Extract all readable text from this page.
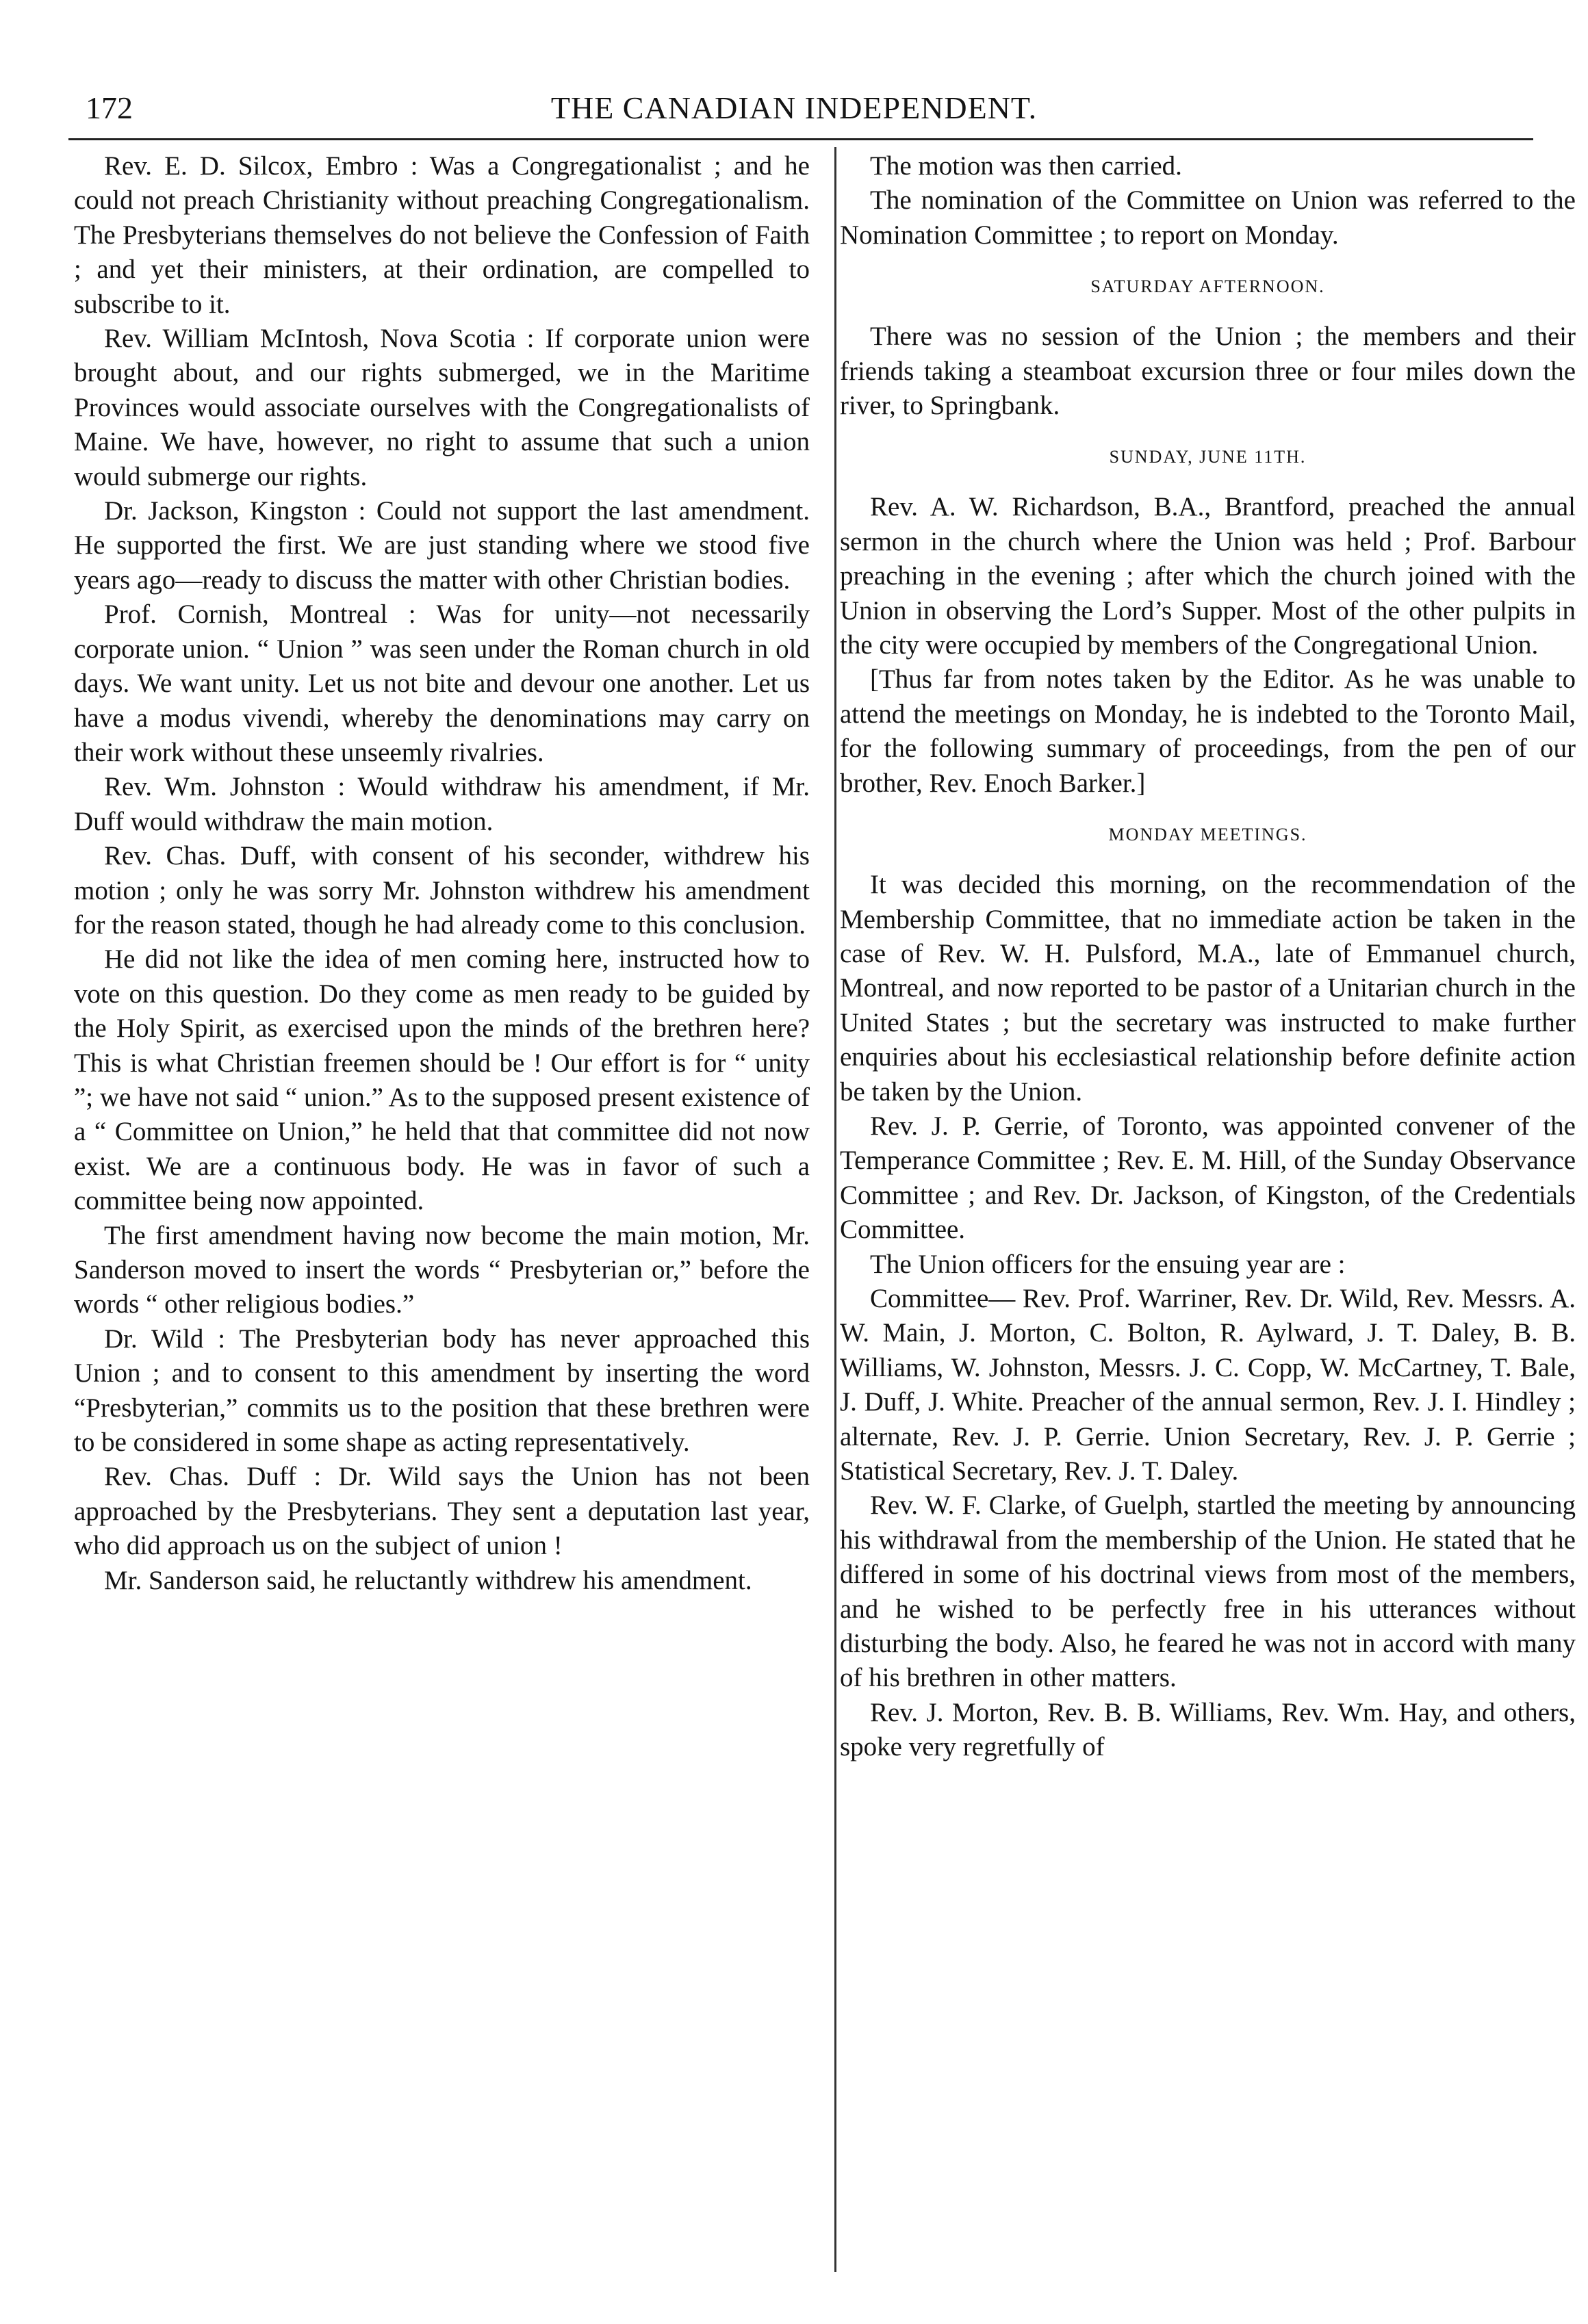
172	THE CANADIAN INDEPENDENT.

Rev. E. D. Silcox, Embro : Was a Congregationalist ; and he could not preach Christianity without preaching Congregationalism. The Presbyterians themselves do not believe the Confession of Faith ; and yet their ministers, at their ordination, are compelled to subscribe to it.

Rev. William McIntosh, Nova Scotia : If corporate union were brought about, and our rights submerged, we in the Maritime Provinces would associate ourselves with the Congregationalists of Maine. We have, however, no right to assume that such a union would submerge our rights.

Dr. Jackson, Kingston : Could not support the last amendment. He supported the first. We are just standing where we stood five years ago—ready to discuss the matter with other Christian bodies.

Prof. Cornish, Montreal : Was for unity—not necessarily corporate union. “ Union ” was seen under the Roman church in old days. We want unity. Let us not bite and devour one another. Let us have a modus vivendi, whereby the denominations may carry on their work without these unseemly rivalries.

Rev. Wm. Johnston : Would withdraw his amendment, if Mr. Duff would withdraw the main motion.

Rev. Chas. Duff, with consent of his seconder, withdrew his motion ; only he was sorry Mr. Johnston withdrew his amendment for the reason stated, though he had already come to this conclusion.

He did not like the idea of men coming here, instructed how to vote on this question. Do they come as men ready to be guided by the Holy Spirit, as exercised upon the minds of the brethren here? This is what Christian freemen should be ! Our effort is for “ unity ”; we have not said “ union.” As to the supposed present existence of a “ Committee on Union,” he held that that committee did not now exist. We are a continuous body. He was in favor of such a committee being now appointed.

The first amendment having now become the main motion, Mr. Sanderson moved to insert the words “ Presbyterian or,” before the words “ other religious bodies.”

Dr. Wild : The Presbyterian body has never approached this Union ; and to consent to this amendment by inserting the word “Presbyterian,” commits us to the position that these brethren were to be considered in some shape as acting representatively.

Rev. Chas. Duff : Dr. Wild says the Union has not been approached by the Presbyterians. They sent a deputation last year, who did approach us on the subject of union !

Mr. Sanderson said, he reluctantly withdrew his amendment.

The motion was then carried.

The nomination of the Committee on Union was referred to the Nomination Committee ; to report on Monday.

SATURDAY AFTERNOON.

There was no session of the Union ; the members and their friends taking a steamboat excursion three or four miles down the river, to Springbank.

SUNDAY, JUNE 11TH.

Rev. A. W. Richardson, B.A., Brantford, preached the annual sermon in the church where the Union was held ; Prof. Barbour preaching in the evening ; after which the church joined with the Union in observing the Lord’s Supper. Most of the other pulpits in the city were occupied by members of the Congregational Union.

[Thus far from notes taken by the Editor. As he was unable to attend the meetings on Monday, he is indebted to the Toronto Mail, for the following summary of proceedings, from the pen of our brother, Rev. Enoch Barker.]

MONDAY MEETINGS.

It was decided this morning, on the recommendation of the Membership Committee, that no immediate action be taken in the case of Rev. W. H. Pulsford, M.A., late of Emmanuel church, Montreal, and now reported to be pastor of a Unitarian church in the United States ; but the secretary was instructed to make further enquiries about his ecclesiastical relationship before definite action be taken by the Union.

Rev. J. P. Gerrie, of Toronto, was appointed convener of the Temperance Committee ; Rev. E. M. Hill, of the Sunday Observance Committee ; and Rev. Dr. Jackson, of Kingston, of the Credentials Committee.

The Union officers for the ensuing year are :

Committee— Rev. Prof. Warriner, Rev. Dr. Wild, Rev. Messrs. A. W. Main, J. Morton, C. Bolton, R. Aylward, J. T. Daley, B. B. Williams, W. Johnston, Messrs. J. C. Copp, W. McCartney, T. Bale, J. Duff, J. White. Preacher of the annual sermon, Rev. J. I. Hindley ; alternate, Rev. J. P. Gerrie. Union Secretary, Rev. J. P. Gerrie ; Statistical Secretary, Rev. J. T. Daley.

Rev. W. F. Clarke, of Guelph, startled the meeting by announcing his withdrawal from the membership of the Union. He stated that he differed in some of his doctrinal views from most of the members, and he wished to be perfectly free in his utterances without disturbing the body. Also, he feared he was not in accord with many of his brethren in other matters.

Rev. J. Morton, Rev. B. B. Williams, Rev. Wm. Hay, and others, spoke very regretfully of
